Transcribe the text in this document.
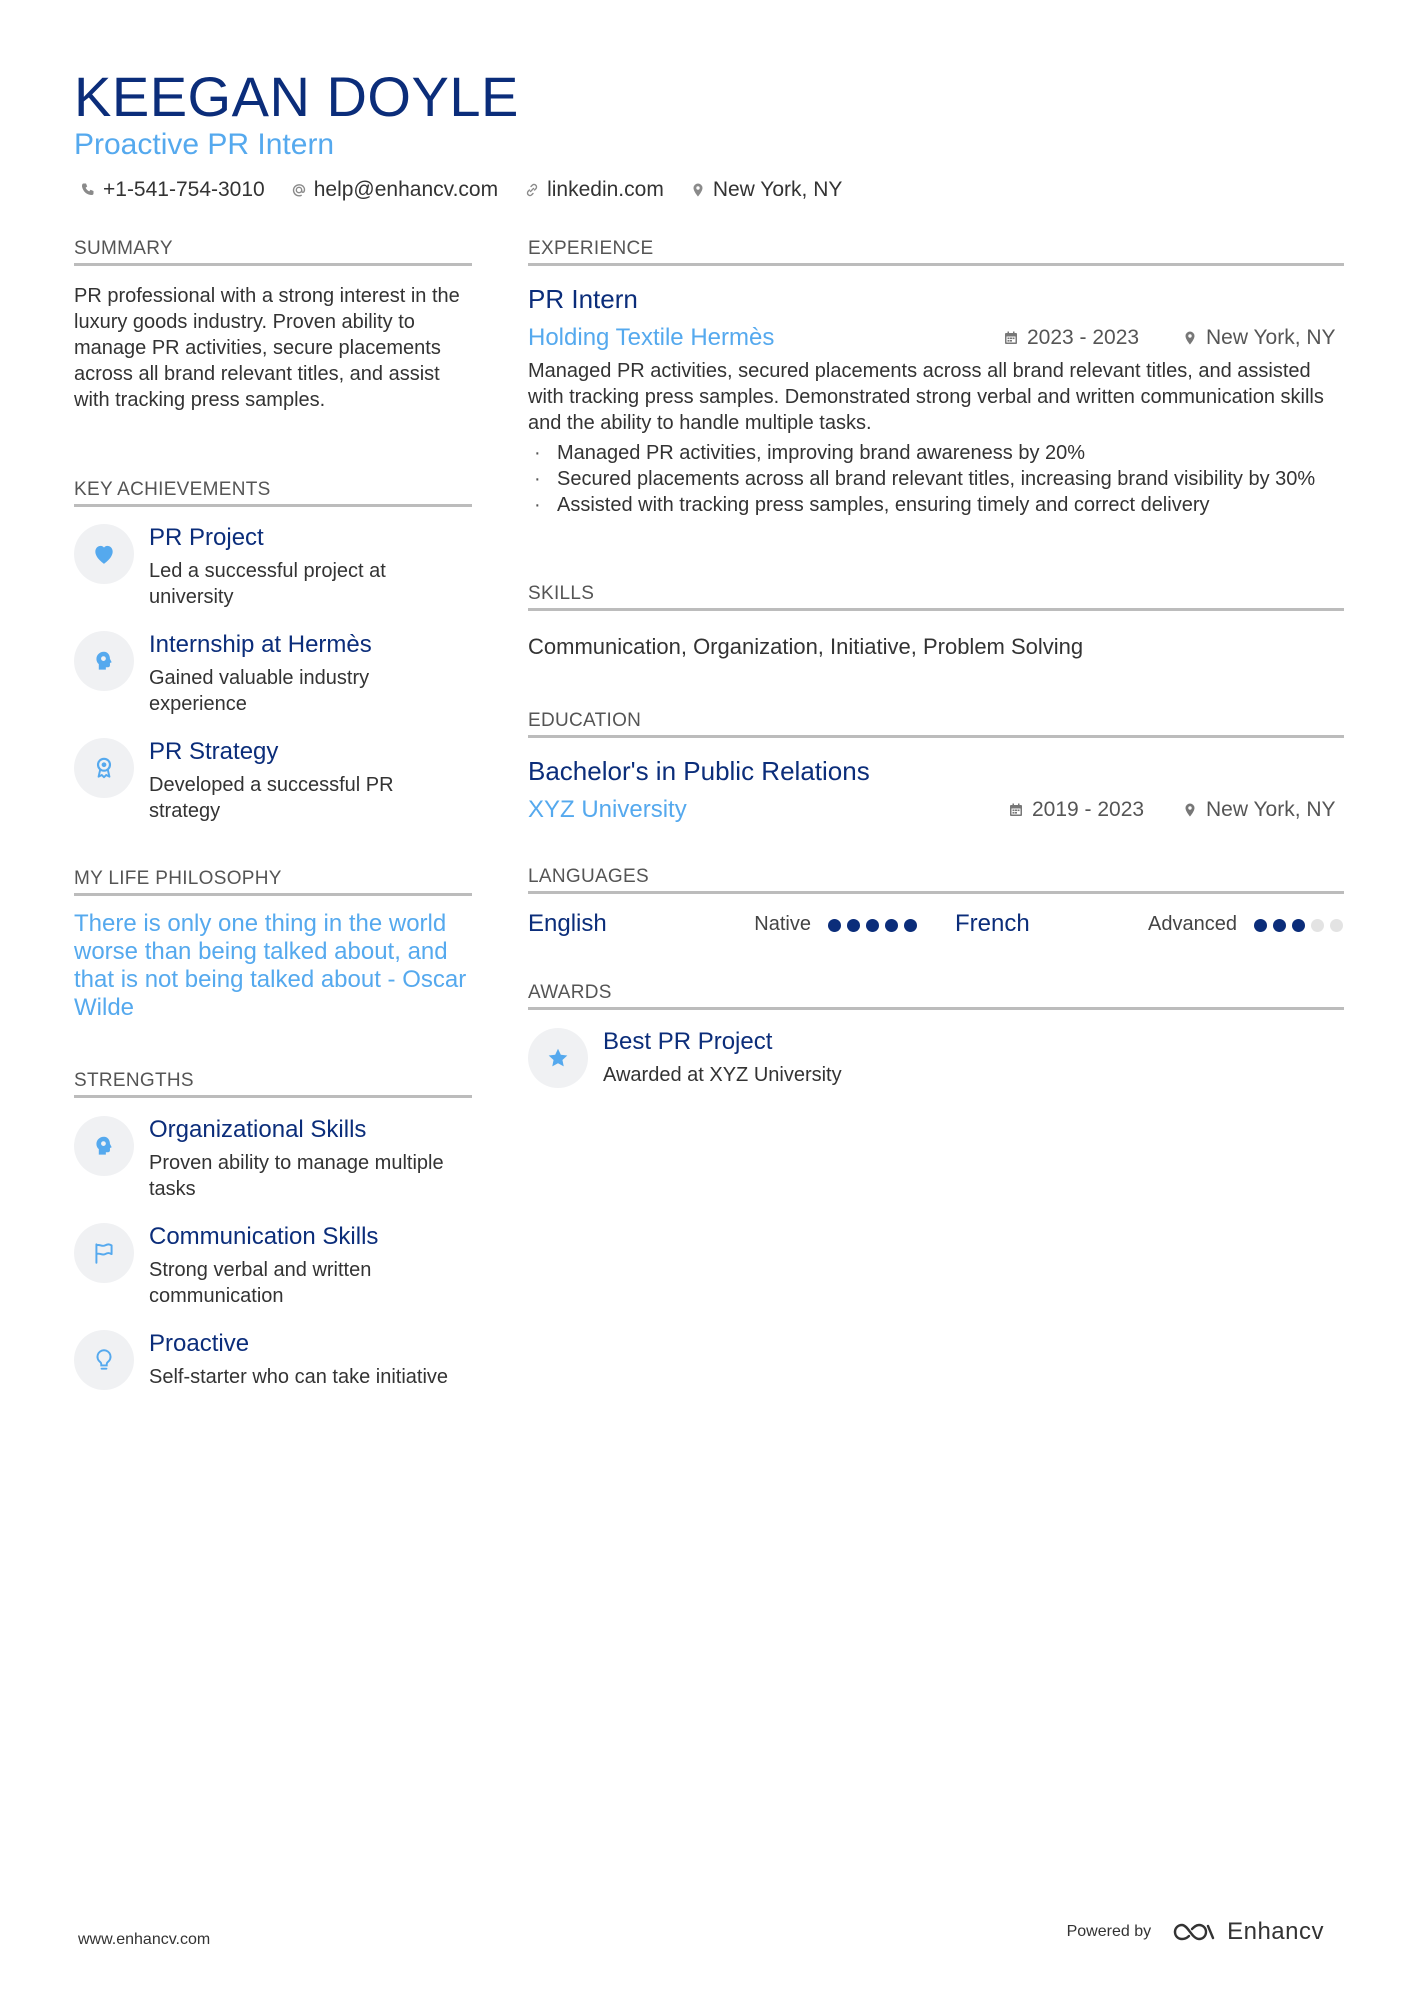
KEEGAN DOYLE
Proactive PR Intern
+1-541-754-3010 help@enhancv.com linkedin.com New York, NY
SUMMARY
PR professional with a strong interest in the luxury goods industry. Proven ability to manage PR activities, secure placements across all brand relevant titles, and assist with tracking press samples.
KEY ACHIEVEMENTS
PR Project
Led a successful project at university
Internship at Hermès
Gained valuable industry experience
PR Strategy
Developed a successful PR strategy
MY LIFE PHILOSOPHY
There is only one thing in the world worse than being talked about, and that is not being talked about - Oscar Wilde
STRENGTHS
Organizational Skills
Proven ability to manage multiple tasks
Communication Skills
Strong verbal and written communication
Proactive
Self-starter who can take initiative
EXPERIENCE
PR Intern
Holding Textile Hermès	2023 - 2023	New York, NY
Managed PR activities, secured placements across all brand relevant titles, and assisted with tracking press samples. Demonstrated strong verbal and written communication skills and the ability to handle multiple tasks.
· Managed PR activities, improving brand awareness by 20%
· Secured placements across all brand relevant titles, increasing brand visibility by 30%
· Assisted with tracking press samples, ensuring timely and correct delivery
SKILLS
Communication, Organization, Initiative, Problem Solving
EDUCATION
Bachelor's in Public Relations
XYZ University	2019 - 2023	New York, NY
LANGUAGES
English	Native	French	Advanced
AWARDS
Best PR Project
Awarded at XYZ University
www.enhancv.com	Powered by	Enhancv
